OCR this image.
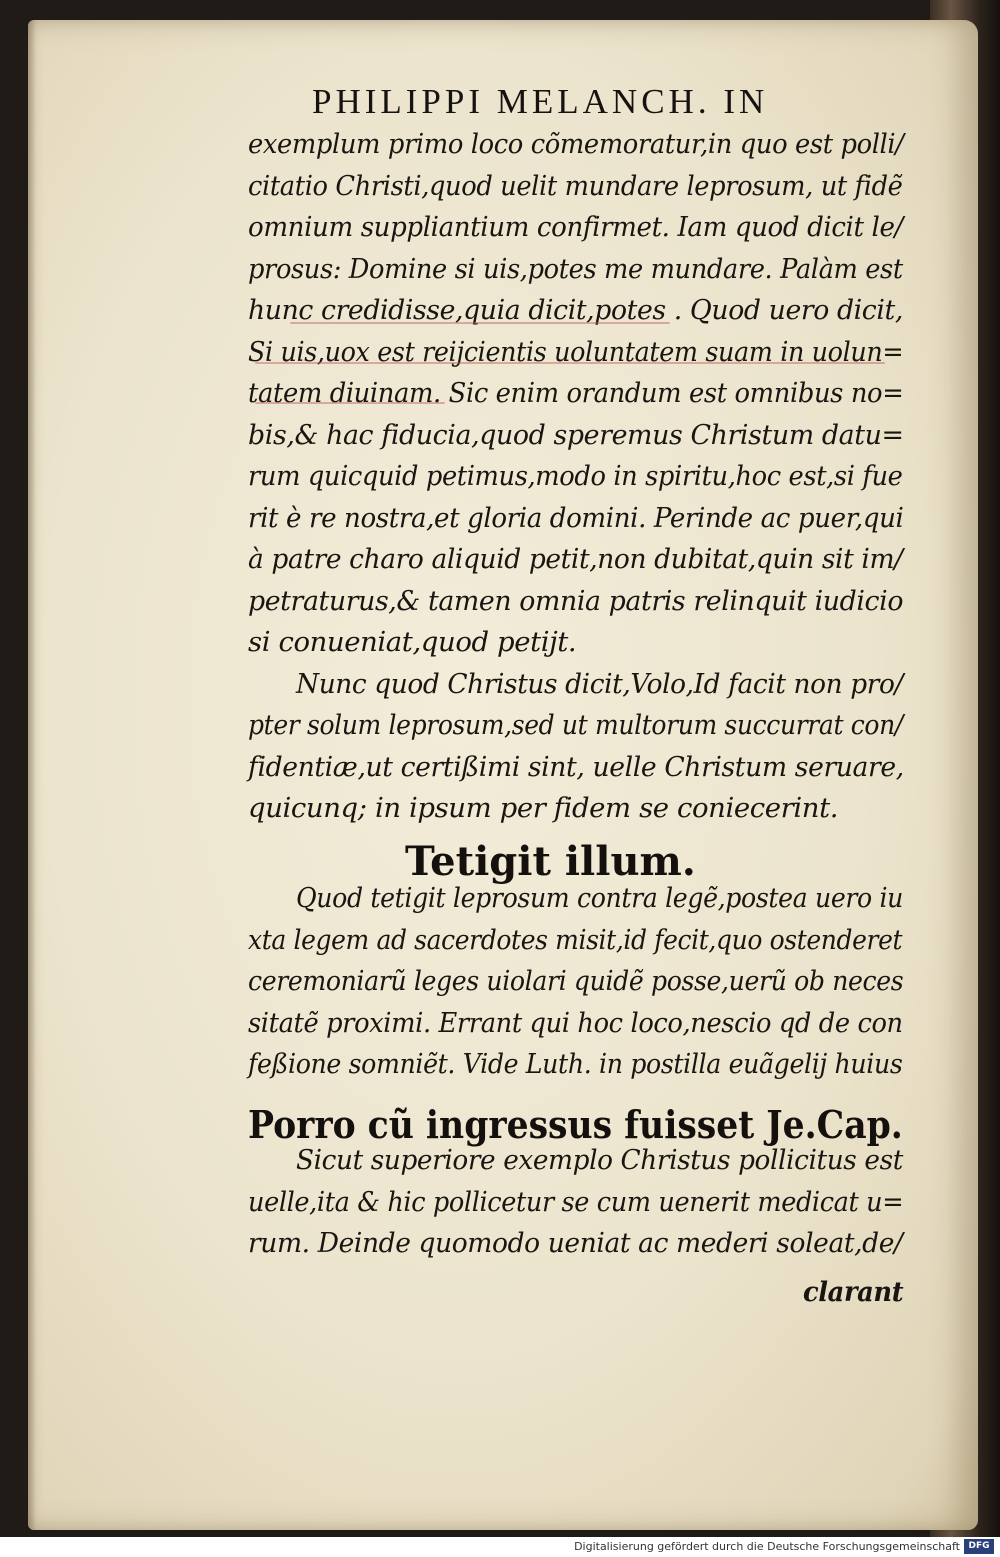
PHILIPPI MELANCH. IN
exemplum primo loco cõmemoratur,in quo est polli/
citatio Christi,quod uelit mundare leprosum, ut fidẽ
omnium suppliantium confirmet. Iam quod dicit le/
prosus: Domine si uis,potes me mundare. Palàm est
hunc credidisse,quia dicit,potes . Quod uero dicit,
Si uis,uox est reijcientis uoluntatem suam in uolun=
tatem diuinam. Sic enim orandum est omnibus no=
bis,& hac fiducia,quod speremus Christum datu=
rum quicquid petimus,modo in spiritu,hoc est,si fue
rit è re nostra,et gloria domini. Perinde ac puer,qui
à patre charo aliquid petit,non dubitat,quin sit im/
petraturus,& tamen omnia patris relinquit iudicio
si conueniat,quod petijt.
Nunc quod Christus dicit,Volo,Id facit non pro/
pter solum leprosum,sed ut multorum succurrat con/
fidentiæ,ut certißimi sint, uelle Christum seruare,
quicunq; in ipsum per fidem se coniecerint.
Tetigit illum.
Quod tetigit leprosum contra legẽ,postea uero iu
xta legem ad sacerdotes misit,id fecit,quo ostenderet
ceremoniarũ leges uiolari quidẽ posse,uerũ ob neces
sitatẽ proximi. Errant qui hoc loco,nescio qd de con
feßione somniẽt. Vide Luth. in postilla euãgelij huius
Porro cũ ingressus fuisset Je.Cap.
Sicut superiore exemplo Christus pollicitus est
uelle,ita & hic pollicetur se cum uenerit medicat u=
rum. Deinde quomodo ueniat ac mederi soleat,de/
clarant
Digitalisierung gefördert durch die Deutsche Forschungsgemeinschaft DFG
